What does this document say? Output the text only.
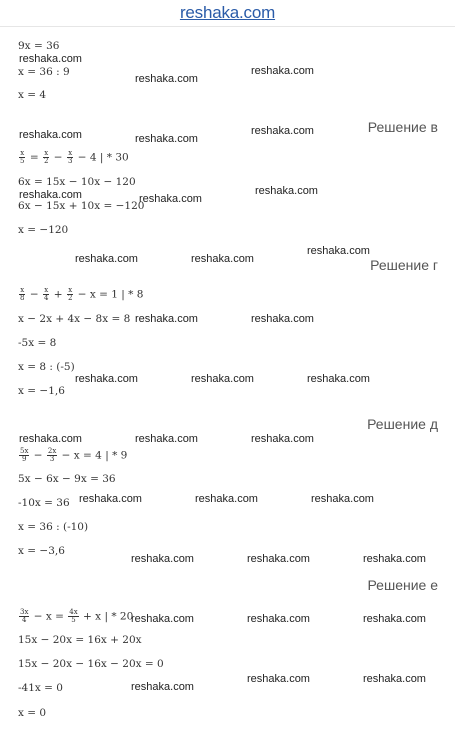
reshaka.com
9x = 36
x = 36 : 9
x = 4
Решение в
$\frac{x}{5} = \frac{x}{2} - \frac{x}{3} - 4$ | * 30
6x = 15x − 10x − 120
6x − 15x + 10x = −120
x = −120
Решение г
$\frac{x}{8} - \frac{x}{4} + \frac{x}{2} - x = 1$ | * 8
x − 2x + 4x − 8x = 8
-5x = 8
x = 8 : (-5)
x = −1,6
Решение д
$\frac{5x}{9} - \frac{2x}{3} - x = 4$ | * 9
5x − 6x − 9x = 36
-10x = 36
x = 36 : (-10)
x = −3,6
Решение е
$\frac{3x}{4} - x = \frac{4x}{5} + x$ | * 20
15x − 20x = 16x + 20x
15x − 20x − 16x − 20x = 0
-41x = 0
x = 0
reshaka.com
reshaka.com
reshaka.com
reshaka.com	reshaka.com
reshaka.com
reshaka.com	reshaka.com
reshaka.com
reshaka.com	reshaka.com
reshaka.com
reshaka.com	reshaka.com
reshaka.com	reshaka.com	reshaka.com
reshaka.com	reshaka.com	reshaka.com
reshaka.com	reshaka.com	reshaka.com
reshaka.com	reshaka.com	reshaka.com
reshaka.com	reshaka.com	reshaka.com
reshaka.com
reshaka.com	reshaka.com
